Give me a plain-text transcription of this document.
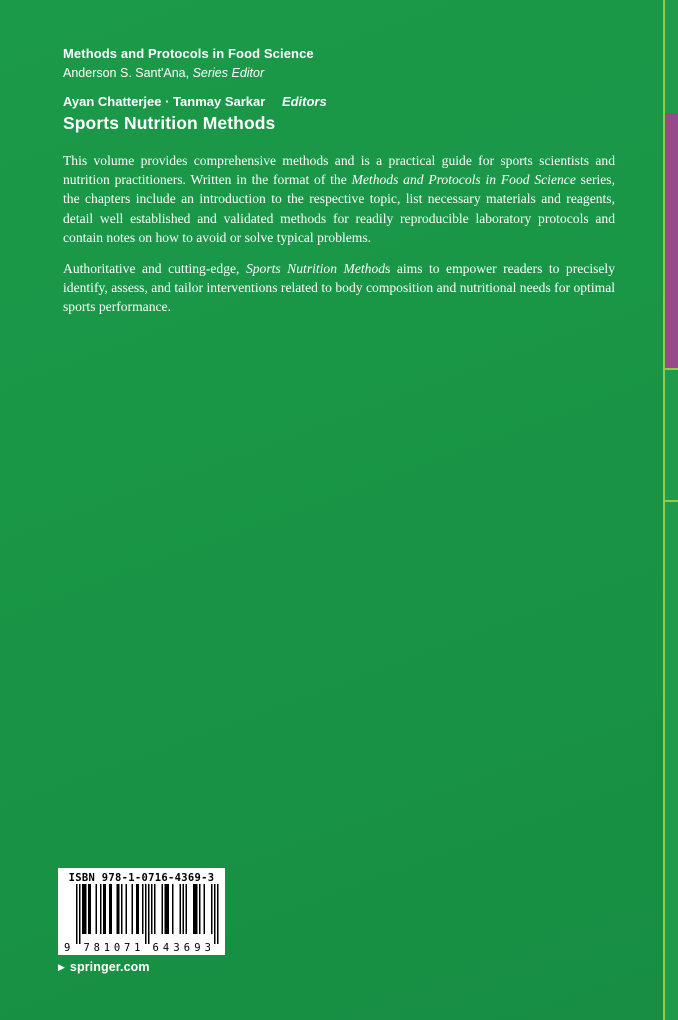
Methods and Protocols in Food Science
Anderson S. Sant'Ana, Series Editor
Ayan Chatterjee · Tanmay Sarkar Editors
Sports Nutrition Methods

This volume provides comprehensive methods and is a practical guide for sports scientists and nutrition practitioners. Written in the format of the Methods and Protocols in Food Science series, the chapters include an introduction to the respective topic, list necessary materials and reagents, detail well established and validated methods for readily reproducible laboratory protocols and contain notes on how to avoid or solve typical problems.

Authoritative and cutting-edge, Sports Nutrition Methods aims to empower readers to precisely identify, assess, and tailor interventions related to body composition and nutritional needs for optimal sports performance.

ISBN 978-1-0716-4369-3
9 781071 643693
▶ springer.com
